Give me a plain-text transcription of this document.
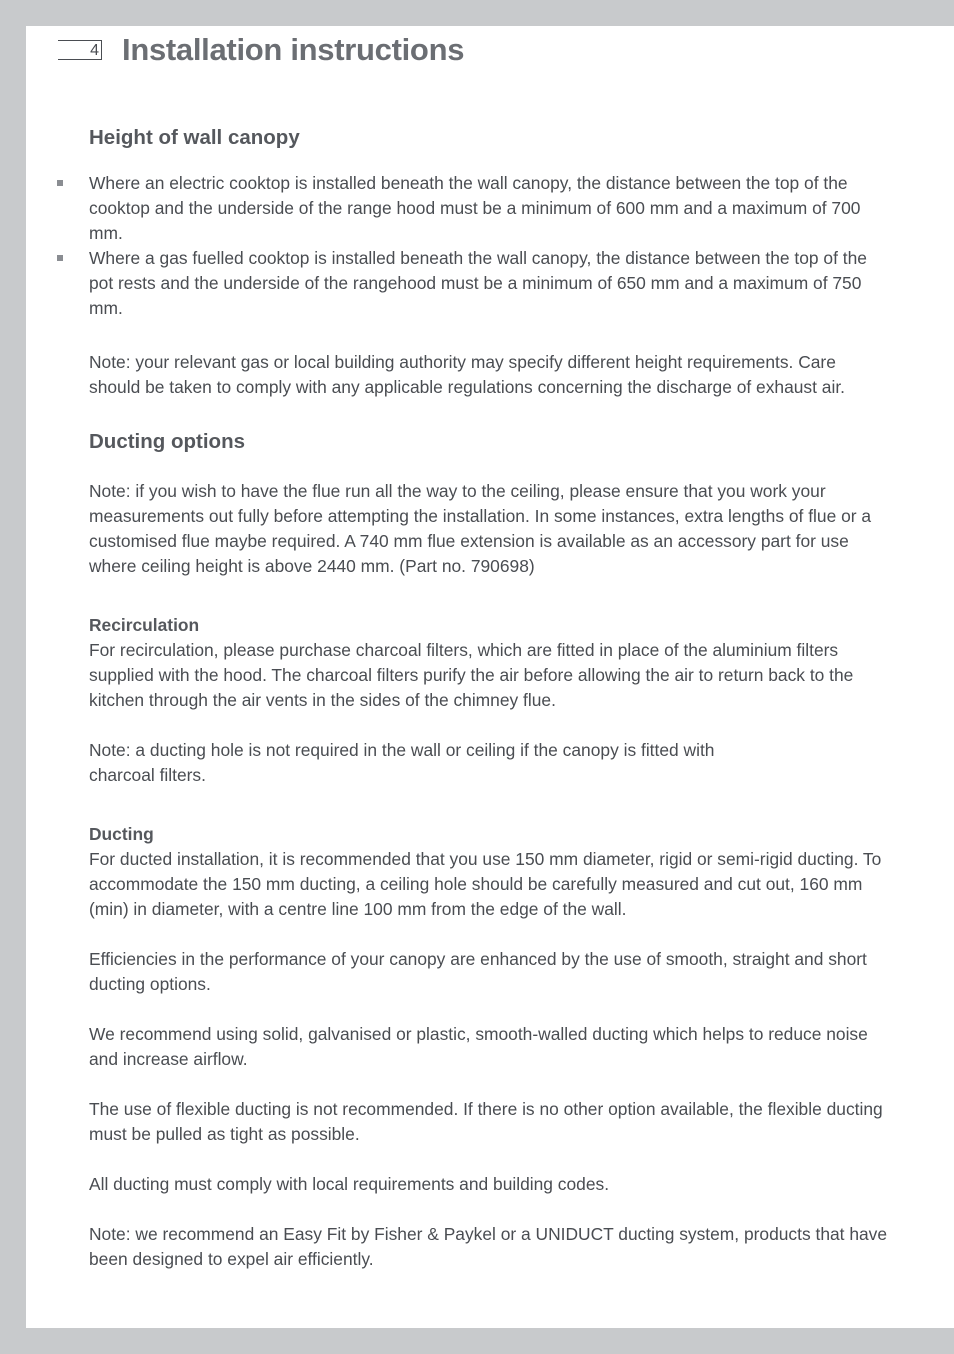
4 Installation instructions
Height of wall canopy
Where an electric cooktop is installed beneath the wall canopy, the distance between the top of the cooktop and the underside of the range hood must be a minimum of 600 mm and a maximum of 700 mm.
Where a gas fuelled cooktop is installed beneath the wall canopy, the distance between the top of the pot rests and the underside of the rangehood must be a minimum of 650 mm and a maximum of 750 mm.

Note: your relevant gas or local building authority may specify different height requirements. Care should be taken to comply with any applicable regulations concerning the discharge of exhaust air.

Ducting options

Note: if you wish to have the flue run all the way to the ceiling, please ensure that you work your measurements out fully before attempting the installation. In some instances, extra lengths of flue or a customised flue maybe required. A 740 mm flue extension is available as an accessory part for use where ceiling height is above 2440 mm. (Part no. 790698)

Recirculation

For recirculation, please purchase charcoal filters, which are fitted in place of the aluminium filters supplied with the hood. The charcoal filters purify the air before allowing the air to return back to the kitchen through the air vents in the sides of the chimney flue.

Note: a ducting hole is not required in the wall or ceiling if the canopy is fitted with

charcoal filters.

Ducting

For ducted installation, it is recommended that you use 150 mm diameter, rigid or semi-rigid ducting. To accommodate the 150 mm ducting, a ceiling hole should be carefully measured and cut out, 160 mm (min) in diameter, with a centre line 100 mm from the edge of the wall.

Efficiencies in the performance of your canopy are enhanced by the use of smooth, straight and short ducting options.

We recommend using solid, galvanised or plastic, smooth-walled ducting which helps to reduce noise and increase airflow.

The use of flexible ducting is not recommended. If there is no other option available, the flexible ducting must be pulled as tight as possible.

All ducting must comply with local requirements and building codes.

Note: we recommend an Easy Fit by Fisher & Paykel or a UNIDUCT ducting system, products that have been designed to expel air efficiently.
